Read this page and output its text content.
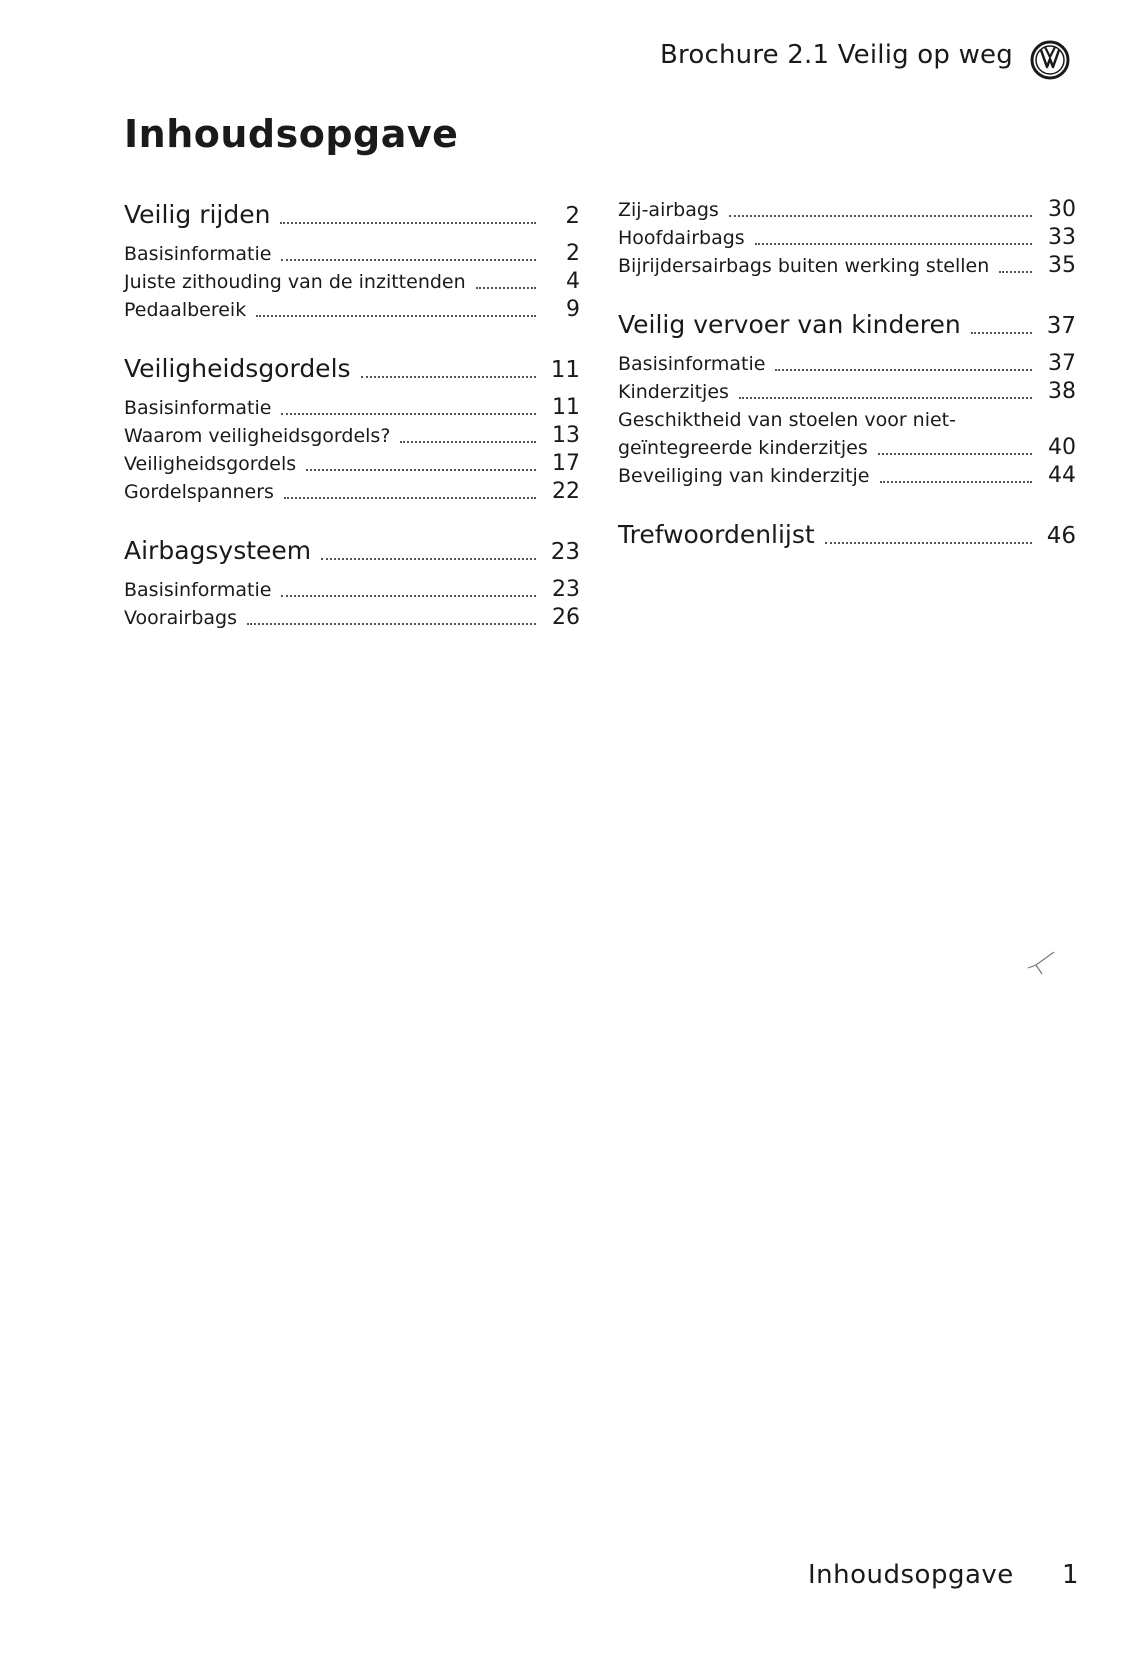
Brochure 2.1 Veilig op weg
Inhoudsopgave
Veilig rijden	2
Basisinformatie	2
Juiste zithouding van de inzittenden	4
Pedaalbereik	9
Veiligheidsgordels	11
Basisinformatie	11
Waarom veiligheidsgordels?	13
Veiligheidsgordels	17
Gordelspanners	22
Airbagsysteem	23
Basisinformatie	23
Voorairbags	26
Zij-airbags	30
Hoofdairbags	33
Bijrijdersairbags buiten werking stellen	35
Veilig vervoer van kinderen	37
Basisinformatie	37
Kinderzitjes	38
Geschiktheid van stoelen voor niet-
geïntegreerde kinderzitjes	40
Beveiliging van kinderzitje	44
Trefwoordenlijst	46
Inhoudsopgave 1
